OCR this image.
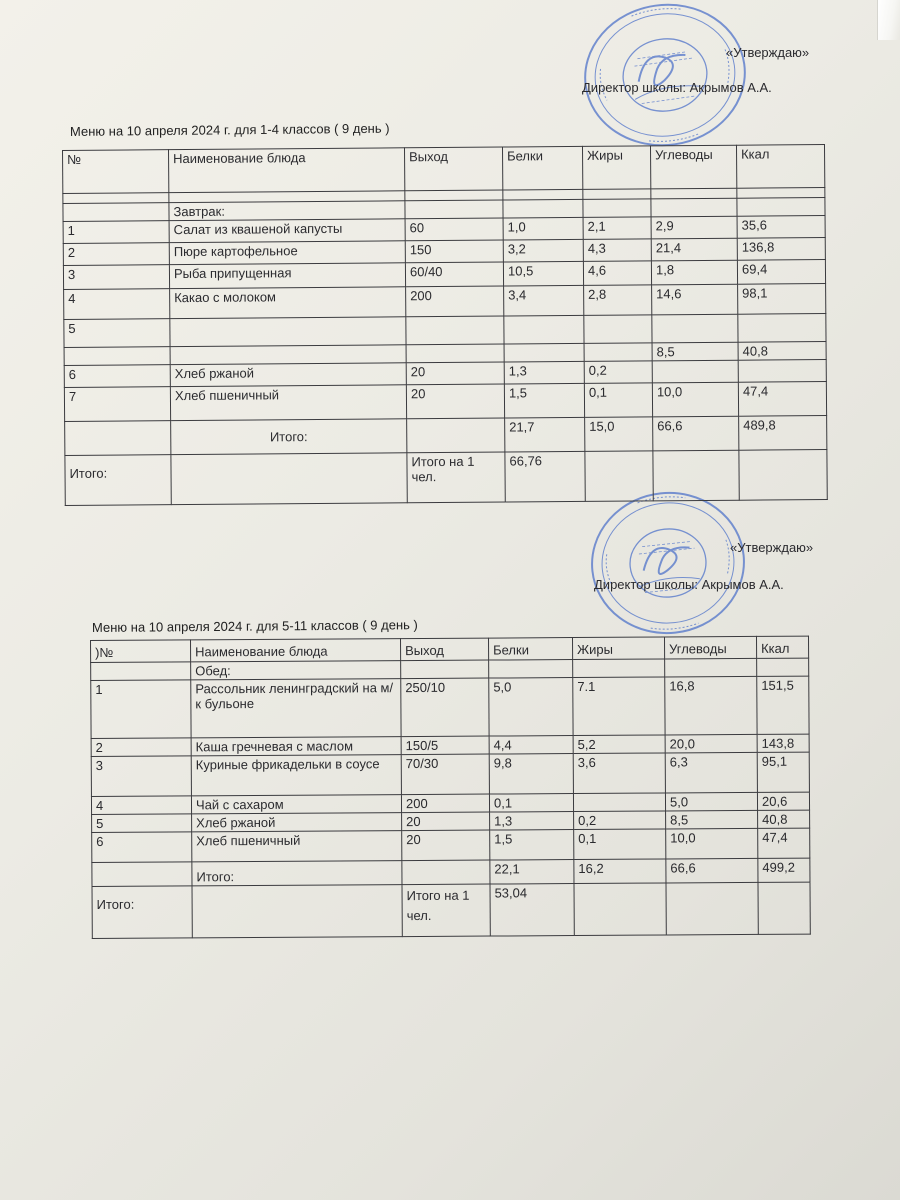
«Утверждаю»
Директор школы: Акрымов А.А.
Меню на 10 апреля 2024 г. для 1-4 классов ( 9 день )
№	Наименование блюда	Выход	Белки	Жиры	Углеводы	Ккал

	Завтрак:					
1	Салат из квашеной капусты	60	1,0	2,1	2,9	35,6
2	Пюре картофельное	150	3,2	4,3	21,4	136,8
3	Рыба припущенная	60/40	10,5	4,6	1,8	69,4
4	Какао с молоком	200	3,4	2,8	14,6	98,1
5						
					8,5	40,8
6	Хлеб ржаной	20	1,3	0,2		
7	Хлеб пшеничный	20	1,5	0,1	10,0	47,4
	Итого:		21,7	15,0	66,6	489,8
Итого:		Итого на 1 чел.	66,76			
«Утверждаю»
Директор школы: Акрымов А.А.
Меню на 10 апреля 2024 г. для 5-11 классов ( 9 день )
)№	Наименование блюда	Выход	Белки	Жиры	Углеводы	Ккал
	Обед:					
1	Рассольник ленинградский на м/к бульоне	250/10	5,0	7.1	16,8	151,5
2	Каша гречневая с маслом	150/5	4,4	5,2	20,0	143,8
3	Куриные фрикадельки в соусе	70/30	9,8	3,6	6,3	95,1
4	Чай с сахаром	200	0,1		5,0	20,6
5	Хлеб ржаной	20	1,3	0,2	8,5	40,8
6	Хлеб пшеничный	20	1,5	0,1	10,0	47,4
	Итого:		22,1	16,2	66,6	499,2
Итого:		Итого на 1 чел.	53,04			
